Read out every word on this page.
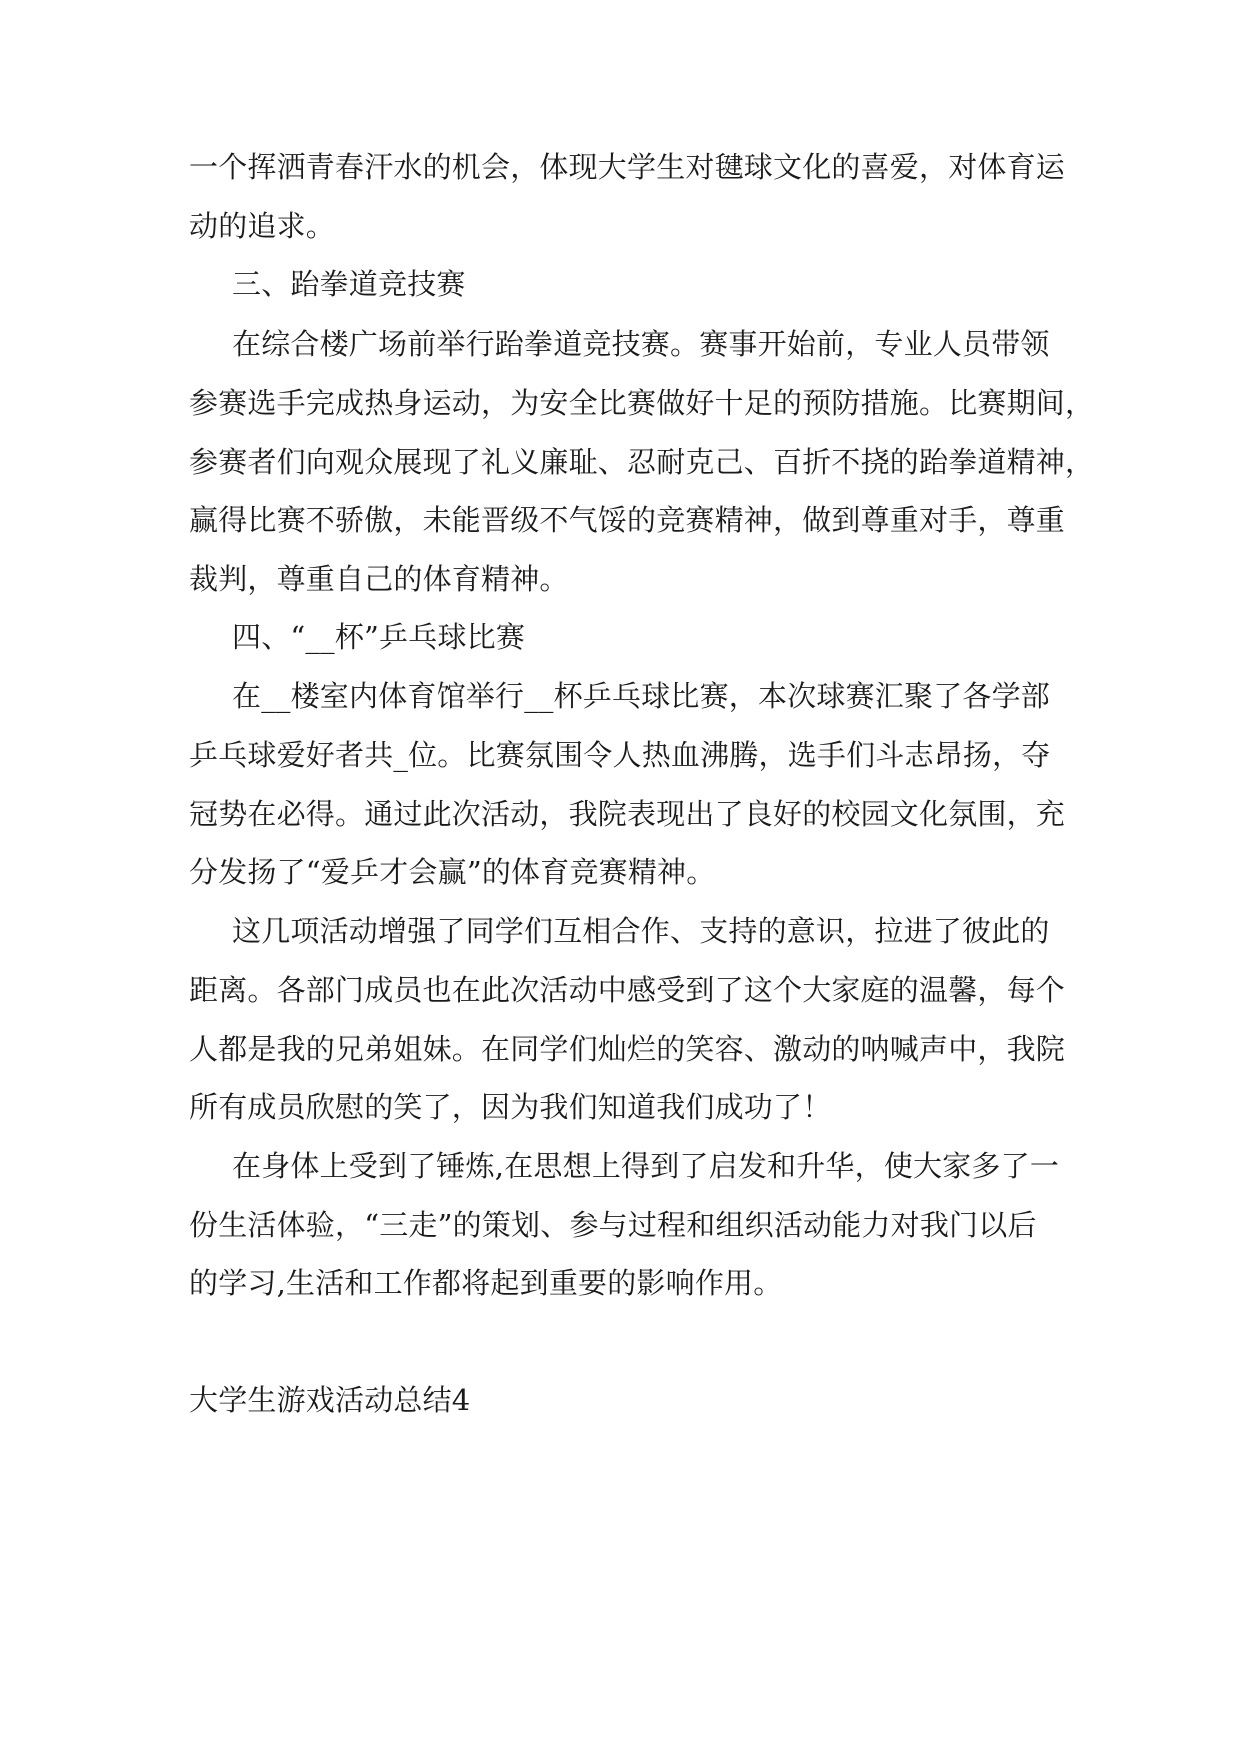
一个挥洒青春汗水的机会，体现大学生对毽球文化的喜爱，对体育运
动的追求。
三、跆拳道竞技赛
在综合楼广场前举行跆拳道竞技赛。赛事开始前，专业人员带领
参赛选手完成热身运动，为安全比赛做好十足的预防措施。比赛期间，
参赛者们向观众展现了礼义廉耻、忍耐克己、百折不挠的跆拳道精神，
赢得比赛不骄傲，未能晋级不气馁的竞赛精神，做到尊重对手，尊重
裁判，尊重自己的体育精神。
四、“__杯”乒乓球比赛
在__楼室内体育馆举行__杯乒乓球比赛，本次球赛汇聚了各学部
乒乓球爱好者共_位。比赛氛围令人热血沸腾，选手们斗志昂扬，夺
冠势在必得。通过此次活动，我院表现出了良好的校园文化氛围，充
分发扬了“爱乒才会赢”的体育竞赛精神。
这几项活动增强了同学们互相合作、支持的意识，拉进了彼此的
距离。各部门成员也在此次活动中感受到了这个大家庭的温馨，每个
人都是我的兄弟姐妹。在同学们灿烂的笑容、激动的呐喊声中，我院
所有成员欣慰的笑了，因为我们知道我们成功了！
在身体上受到了锤炼,在思想上得到了启发和升华，使大家多了一
份生活体验，“三走”的策划、参与过程和组织活动能力对我门以后
的学习,生活和工作都将起到重要的影响作用。
大学生游戏活动总结4
